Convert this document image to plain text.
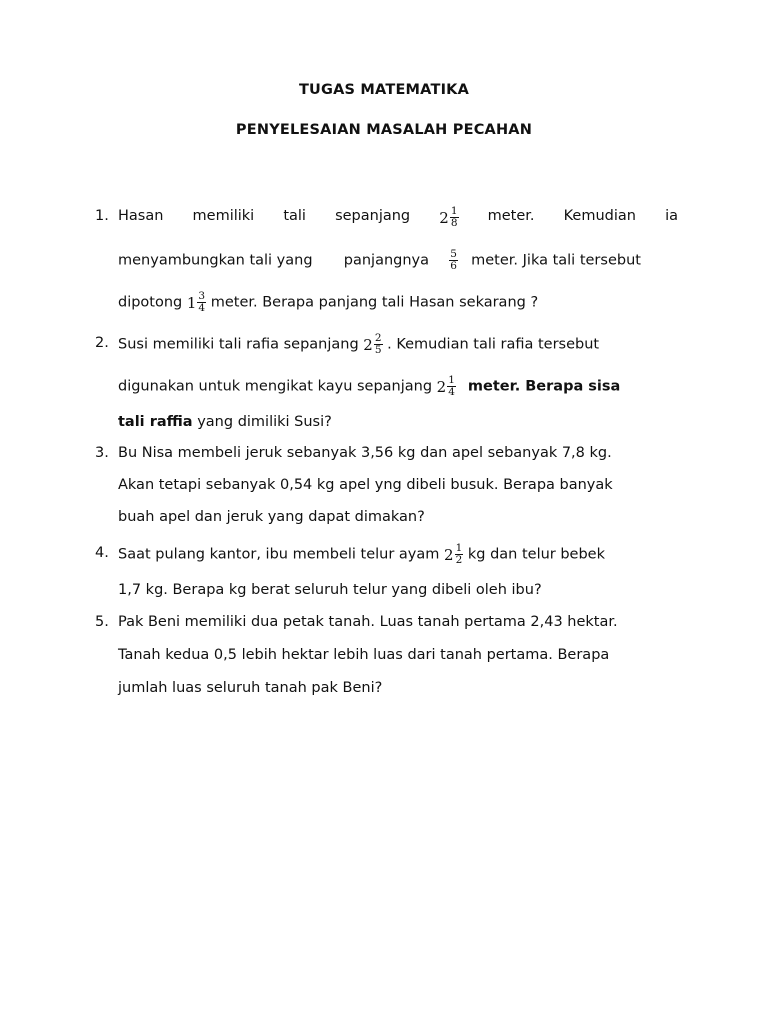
TUGAS MATEMATIKA
PENYELESAIAN MASALAH PECAHAN
1. Hasan memiliki tali sepanjang $2 \frac{1}{8}$ meter. Kemudian ia
menyambungkan tali yang panjangnya $\frac{5}{6}$ meter. Jika tali tersebut
dipotong $1 \frac{3}{4}$ meter. Berapa panjang tali Hasan sekarang ?
2. Susi memiliki tali rafia sepanjang $2 \frac{2}{5}$ . Kemudian tali rafia tersebut
digunakan untuk mengikat kayu sepanjang $2 \frac{1}{4}$ meter. Berapa sisa
tali raffia yang dimiliki Susi?
3. Bu Nisa membeli jeruk sebanyak 3,56 kg dan apel sebanyak 7,8 kg.
Akan tetapi sebanyak 0,54 kg apel yng dibeli busuk. Berapa banyak
buah apel dan jeruk yang dapat dimakan?
4. Saat pulang kantor, ibu membeli telur ayam $2 \frac{1}{2}$ kg dan telur bebek
1,7 kg. Berapa kg berat seluruh telur yang dibeli oleh ibu?
5. Pak Beni memiliki dua petak tanah. Luas tanah pertama 2,43 hektar.
Tanah kedua 0,5 lebih hektar lebih luas dari tanah pertama. Berapa
jumlah luas seluruh tanah pak Beni?
